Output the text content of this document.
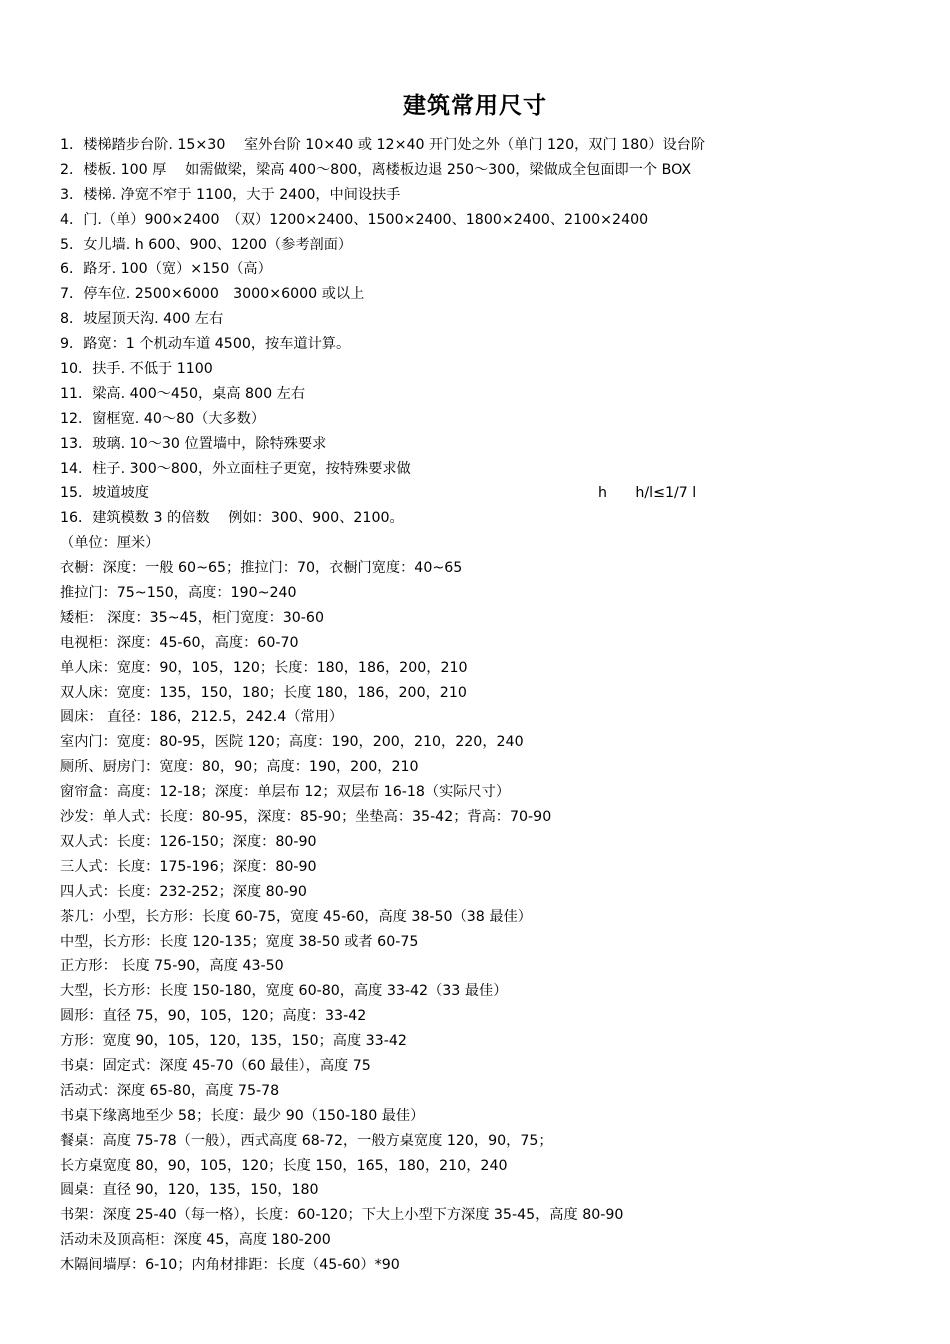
建筑常用尺寸
1．楼梯踏步台阶. 15×30　 室外台阶 10×40 或 12×40 开门处之外（单门 120，双门 180）设台阶
2．楼板. 100 厚　 如需做梁，梁高 400～800，离楼板边退 250～300，梁做成全包面即一个 BOX
3．楼梯. 净宽不窄于 1100，大于 2400，中间设扶手
4．门.（单）900×2400　（双）1200×2400、1500×2400、1800×2400、2100×2400
5．女儿墙. h 600、900、1200（参考剖面）
6．路牙. 100（宽）×150（高）
7．停车位. 2500×6000　3000×6000 或以上
8．坡屋顶天沟. 400 左右
9．路宽：1 个机动车道 4500，按车道计算。
10．扶手. 不低于 1100
11．梁高. 400～450，桌高 800 左右
12．窗框宽. 40～80（大多数）
13．玻璃. 10～30 位置墙中，除特殊要求
14．柱子. 300～800，外立面柱子更宽，按特殊要求做
15．坡道坡度	h　　h/l≤1/7 l
16．建筑模数 3 的倍数　 例如：300、900、2100。
（单位：厘米）
衣橱：深度：一般 60~65；推拉门：70，衣橱门宽度：40~65
推拉门：75~150，高度：190~240
矮柜： 深度：35~45，柜门宽度：30-60
电视柜：深度：45-60，高度：60-70
单人床：宽度：90，105，120；长度：180，186，200，210
双人床：宽度：135，150，180；长度 180，186，200，210
圆床： 直径：186，212.5，242.4（常用）
室内门：宽度：80-95，医院 120；高度：190，200，210，220，240
厕所、厨房门：宽度：80，90；高度：190，200，210
窗帘盒：高度：12-18；深度：单层布 12；双层布 16-18（实际尺寸）
沙发：单人式：长度：80-95，深度：85-90；坐垫高：35-42；背高：70-90
双人式：长度：126-150；深度：80-90
三人式：长度：175-196；深度：80-90
四人式：长度：232-252；深度 80-90
茶几：小型，长方形：长度 60-75，宽度 45-60，高度 38-50（38 最佳）
中型，长方形：长度 120-135；宽度 38-50 或者 60-75
正方形： 长度 75-90，高度 43-50
大型，长方形：长度 150-180，宽度 60-80，高度 33-42（33 最佳）
圆形：直径 75，90，105，120；高度：33-42
方形：宽度 90，105，120，135，150；高度 33-42
书桌：固定式：深度 45-70（60 最佳），高度 75
活动式：深度 65-80，高度 75-78
书桌下缘离地至少 58；长度：最少 90（150-180 最佳）
餐桌：高度 75-78（一般），西式高度 68-72，一般方桌宽度 120，90，75；
长方桌宽度 80，90，105，120；长度 150，165，180，210，240
圆桌：直径 90，120，135，150，180
书架：深度 25-40（每一格），长度：60-120；下大上小型下方深度 35-45，高度 80-90
活动未及顶高柜：深度 45，高度 180-200
木隔间墙厚：6-10；内角材排距：长度（45-60）*90
